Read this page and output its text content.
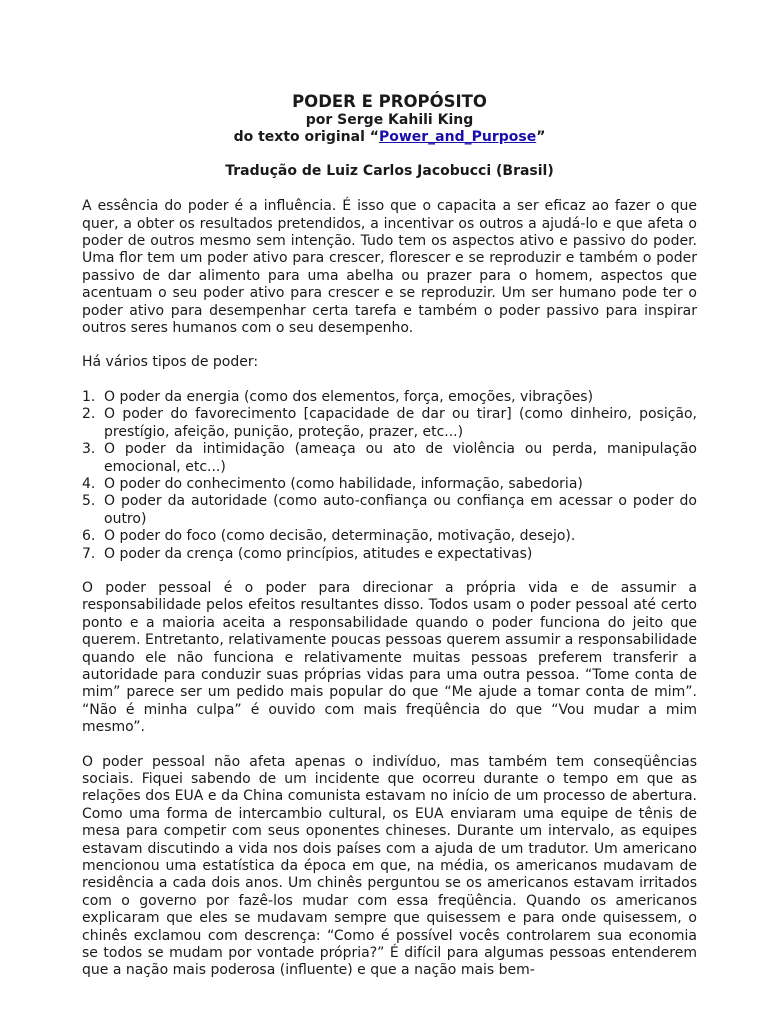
PODER E PROPÓSITO
por Serge Kahili King
do texto original “Power_and_Purpose”
Tradução de Luiz Carlos Jacobucci (Brasil)

A essência do poder é a influência. É isso que o capacita a ser eficaz ao fazer o que quer, a obter os resultados pretendidos, a incentivar os outros a ajudá-lo e que afeta o poder de outros mesmo sem intenção. Tudo tem os aspectos ativo e passivo do poder. Uma flor tem um poder ativo para crescer, florescer e se reproduzir e também o poder passivo de dar alimento para uma abelha ou prazer para o homem, aspectos que acentuam o seu poder ativo para crescer e se reproduzir. Um ser humano pode ter o poder ativo para desempenhar certa tarefa e também o poder passivo para inspirar outros seres humanos com o seu desempenho.

Há vários tipos de poder:

1. O poder da energia (como dos elementos, força, emoções, vibrações)
2. O poder do favorecimento [capacidade de dar ou tirar] (como dinheiro, posição, prestígio, afeição, punição, proteção, prazer, etc...)
3. O poder da intimidação (ameaça ou ato de violência ou perda, manipulação emocional, etc...)
4. O poder do conhecimento (como habilidade, informação, sabedoria)
5. O poder da autoridade (como auto-confiança ou confiança em acessar o poder do outro)
6. O poder do foco (como decisão, determinação, motivação, desejo).
7. O poder da crença (como princípios, atitudes e expectativas)

O poder pessoal é o poder para direcionar a própria vida e de assumir a responsabilidade pelos efeitos resultantes disso. Todos usam o poder pessoal até certo ponto e a maioria aceita a responsabilidade quando o poder funciona do jeito que querem. Entretanto, relativamente poucas pessoas querem assumir a responsabilidade quando ele não funciona e relativamente muitas pessoas preferem transferir a autoridade para conduzir suas próprias vidas para uma outra pessoa. “Tome conta de mim” parece ser um pedido mais popular do que “Me ajude a tomar conta de mim”. “Não é minha culpa” é ouvido com mais freqüência do que “Vou mudar a mim mesmo”.

O poder pessoal não afeta apenas o indivíduo, mas também tem conseqüências sociais. Fiquei sabendo de um incidente que ocorreu durante o tempo em que as relações dos EUA e da China comunista estavam no início de um processo de abertura. Como uma forma de intercambio cultural, os EUA enviaram uma equipe de tênis de mesa para competir com seus oponentes chineses. Durante um intervalo, as equipes estavam discutindo a vida nos dois países com a ajuda de um tradutor. Um americano mencionou uma estatística da época em que, na média, os americanos mudavam de residência a cada dois anos. Um chinês perguntou se os americanos estavam irritados com o governo por fazê-los mudar com essa freqüência. Quando os americanos explicaram que eles se mudavam sempre que quisessem e para onde quisessem, o chinês exclamou com descrença: “Como é possível vocês controlarem sua economia se todos se mudam por vontade própria?” É difícil para algumas pessoas entenderem que a nação mais poderosa (influente) e que a nação mais bem-
